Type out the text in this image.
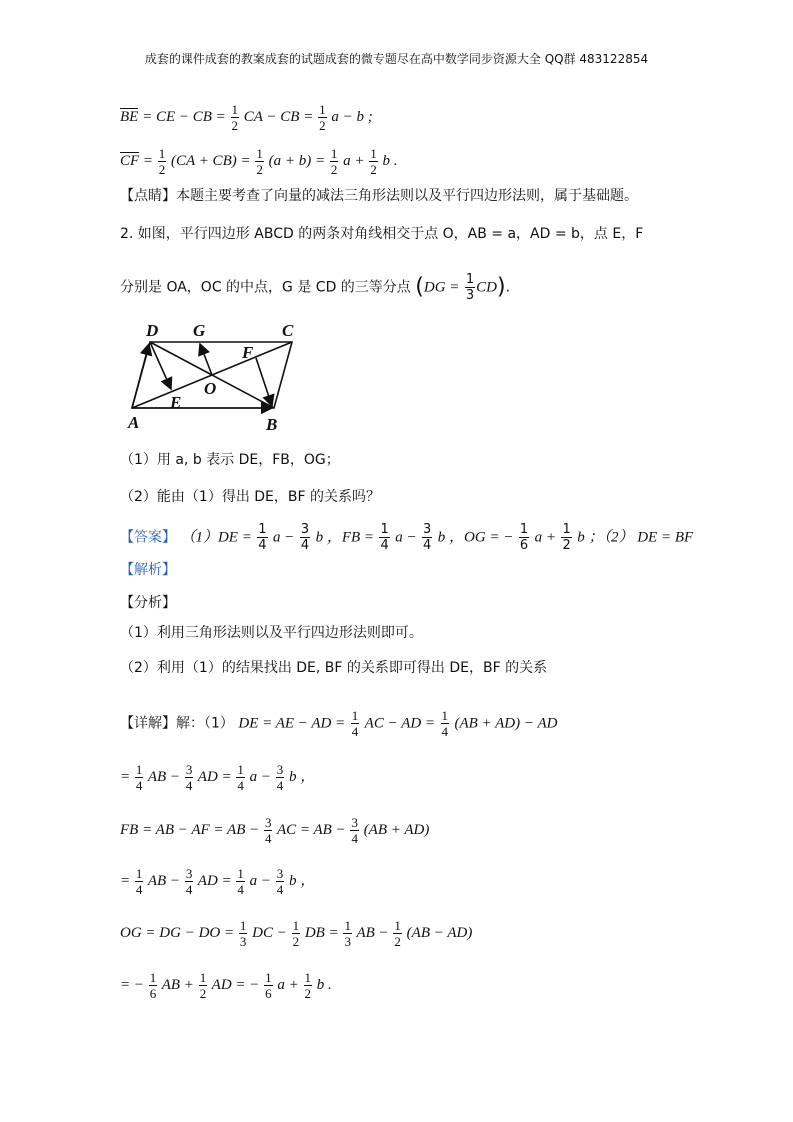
成套的课件成套的教案成套的试题成套的微专题尽在高中数学同步资源大全 QQ群 483122854
BE = CE − CB = $\frac{1}{2}$ CA − CB = $\frac{1}{2}$ a − b ;
CF = $\frac{1}{2} (CA + CB) = \frac{1}{2} (a + b) = \frac{1}{2}$ $a + \frac{1}{2}$ b .
【点睛】本题主要考查了向量的减法三角形法则以及平行四边形法则，属于基础题。
2. 如图，平行四边形 ABCD 的两条对角线相交于点 O，AB = a，AD = b，点 E，F
分别是 OA，OC 的中点，G 是 CD 的三等分点 $(DG = \frac{1}{3} CD)$.
D G	C
F
O
E
A	B
（1）用 a, b 表示 DE，FB，OG；
（2）能由（1）得出 DE，BF 的关系吗？
【答案】 $(1)DE = \frac{1}{4}$ $a - \frac{3}{4}$ b ，FB = $\frac{1}{4}$ $a - \frac{3}{4}$ b ，OG = − $\frac{1}{6}$ $a + \frac{1}{2}$ b ；（2） DE = BF
【解析】
【分析】
（1）利用三角形法则以及平行四边形法则即可。
（2）利用（1）的结果找出 DE, BF 的关系即可得出 DE，BF 的关系
【详解】解：（1） DE = AE − AD = $\frac{1}{4}$ AC − AD = $\frac{1}{4} (AB + AD)$ − AD
= $\frac{1}{4}$ AB − $\frac{3}{4}$ AD = $\frac{1}{4}$ $a - \frac{3}{4}$ b ，
FB = AB − AF = AB − $\frac{3}{4}$ AC = AB − $\frac{3}{4} (AB + AD)$
= $\frac{1}{4}$ AB − $\frac{3}{4}$ AD = $\frac{1}{4}$ $a - \frac{3}{4}$ b ，
OG = DG − DO = $\frac{1}{3}$ DC − $\frac{1}{2}$ DB = $\frac{1}{3}$ AB − $\frac{1}{2} (AB - AD)$
= − $\frac{1}{6}$ AB + $\frac{1}{2}$ AD = − $\frac{1}{6}$ $a + \frac{1}{2}$ b .
